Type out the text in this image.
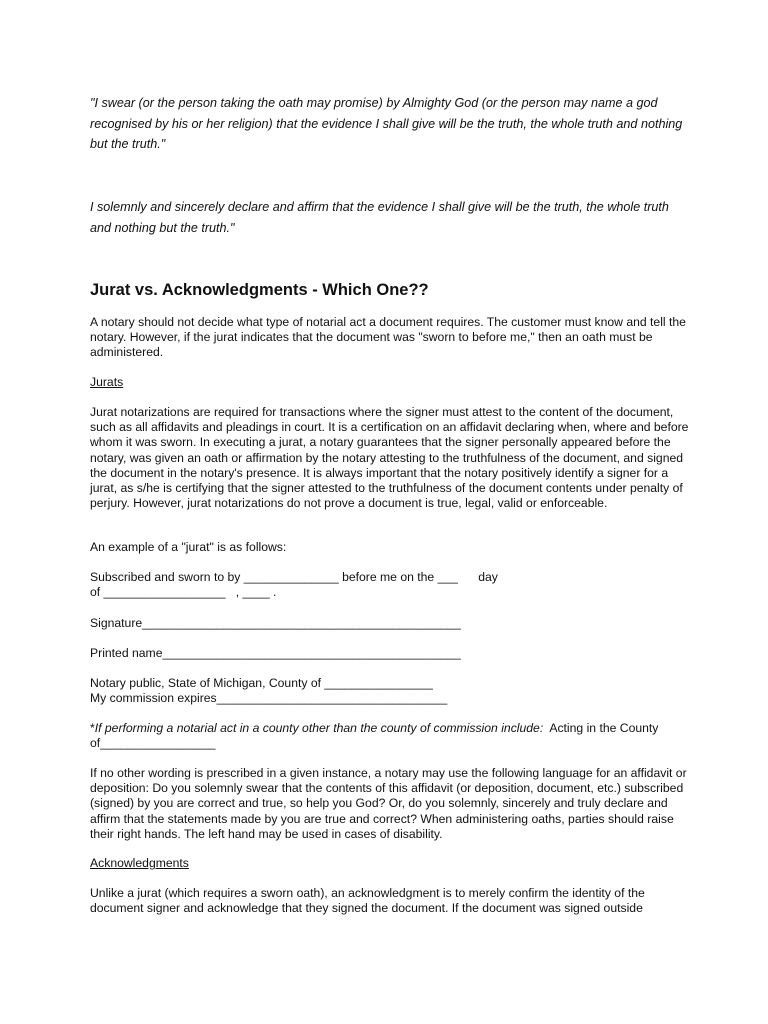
"I swear (or the person taking the oath may promise) by Almighty God (or the person may name a god recognised by his or her religion) that the evidence I shall give will be the truth, the whole truth and nothing but the truth."

I solemnly and sincerely declare and affirm that the evidence I shall give will be the truth, the whole truth and nothing but the truth."

Jurat vs. Acknowledgments - Which One??

A notary should not decide what type of notarial act a document requires. The customer must know and tell the notary. However, if the jurat indicates that the document was "sworn to before me," then an oath must be administered.

Jurats

Jurat notarizations are required for transactions where the signer must attest to the content of the document, such as all affidavits and pleadings in court. It is a certification on an affidavit declaring when, where and before whom it was sworn. In executing a jurat, a notary guarantees that the signer personally appeared before the notary, was given an oath or affirmation by the notary attesting to the truthfulness of the document, and signed the document in the notary's presence. It is always important that the notary positively identify a signer for a jurat, as s/he is certifying that the signer attested to the truthfulness of the document contents under penalty of perjury. However, jurat notarizations do not prove a document is true, legal, valid or enforceable.

An example of a "jurat" is as follows:

Subscribed and sworn to by ______________ before me on the ___      day
of __________________   , ____ .

Signature_______________________________________________

Printed name____________________________________________

Notary public, State of Michigan, County of ________________
My commission expires__________________________________

*If performing a notarial act in a county other than the county of commission include:  Acting in the County of_________________

If no other wording is prescribed in a given instance, a notary may use the following language for an affidavit or deposition: Do you solemnly swear that the contents of this affidavit (or deposition, document, etc.) subscribed (signed) by you are correct and true, so help you God? Or, do you solemnly, sincerely and truly declare and affirm that the statements made by you are true and correct? When administering oaths, parties should raise their right hands. The left hand may be used in cases of disability.

Acknowledgments

Unlike a jurat (which requires a sworn oath), an acknowledgment is to merely confirm the identity of the document signer and acknowledge that they signed the document. If the document was signed outside
